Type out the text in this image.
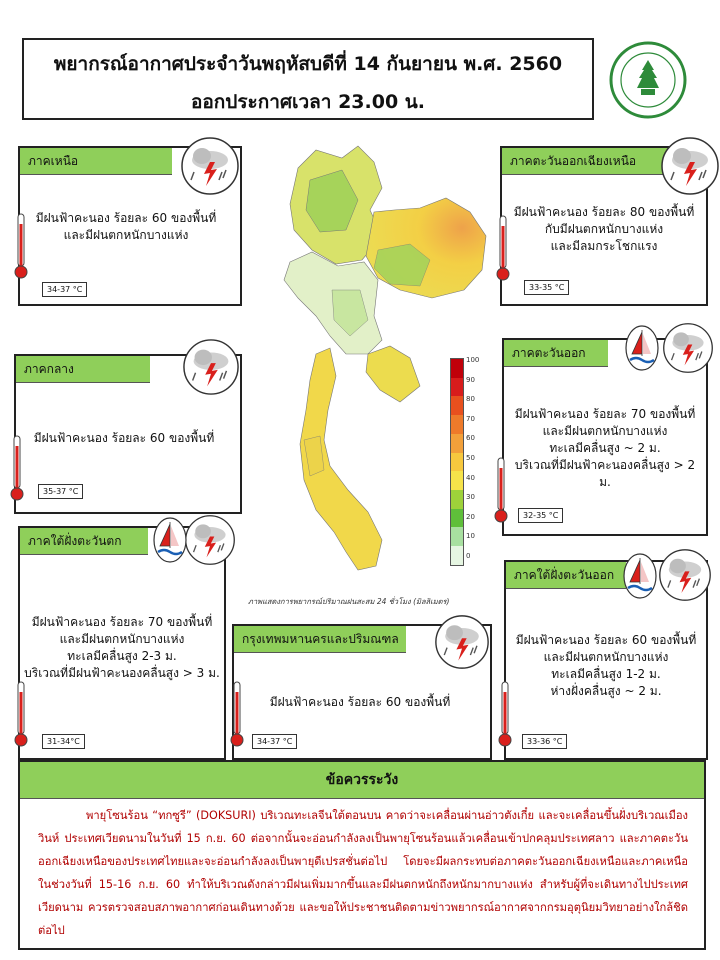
พยากรณ์อากาศประจำวันพฤหัสบดีที่ 14 กันยายน พ.ศ. 2560
ออกประกาศเวลา 23.00 น.
ภาพแสดงการพยากรณ์ปริมาณฝนสะสม 24 ชั่วโมง (มิลลิเมตร)
100
90
80
70
60
50
40
30
20
10
0
ภาคเหนือ
มีฝนฟ้าคะนอง ร้อยละ 60 ของพื้นที่
และมีฝนตกหนักบางแห่ง
34-37 °C
ภาคตะวันออกเฉียงเหนือ
มีฝนฟ้าคะนอง ร้อยละ 80 ของพื้นที่
กับมีฝนตกหนักบางแห่ง
และมีลมกระโชกแรง
33-35 °C
ภาคกลาง
มีฝนฟ้าคะนอง ร้อยละ 60 ของพื้นที่
35-37 °C
ภาคตะวันออก
มีฝนฟ้าคะนอง ร้อยละ 70 ของพื้นที่
และมีฝนตกหนักบางแห่ง
ทะเลมีคลื่นสูง ~ 2 ม.
บริเวณที่มีฝนฟ้าคะนองคลื่นสูง > 2 ม.
32-35 °C
ภาคใต้ฝั่งตะวันตก
มีฝนฟ้าคะนอง ร้อยละ 70 ของพื้นที่
และมีฝนตกหนักบางแห่ง
ทะเลมีคลื่นสูง 2-3 ม.
บริเวณที่มีฝนฟ้าคะนองคลื่นสูง > 3 ม.
31-34°C
กรุงเทพมหานครและปริมณฑล
มีฝนฟ้าคะนอง ร้อยละ 60 ของพื้นที่
34-37 °C
ภาคใต้ฝั่งตะวันออก
มีฝนฟ้าคะนอง ร้อยละ 60 ของพื้นที่
และมีฝนตกหนักบางแห่ง
ทะเลมีคลื่นสูง 1-2 ม.
ห่างฝั่งคลื่นสูง ~ 2 ม.
33-36 °C
ข้อควรระวัง
พายุโซนร้อน “ทกซูรี” (DOKSURI) บริเวณทะเลจีนใต้ตอนบน คาดว่าจะเคลื่อนผ่านอ่าวตังเกี๋ย และจะเคลื่อนขึ้นฝั่งบริเวณเมืองวินห์ ประเทศเวียดนามในวันที่ 15 ก.ย. 60 ต่อจากนั้นจะอ่อนกำลังลงเป็นพายุโซนร้อนแล้วเคลื่อนเข้าปกคลุมประเทศลาว และภาคตะวันออกเฉียงเหนือของประเทศไทยและจะอ่อนกำลังลงเป็นพายุดีเปรสชั่นต่อไป โดยจะมีผลกระทบต่อภาคตะวันออกเฉียงเหนือและภาคเหนือในช่วงวันที่ 15-16 ก.ย. 60 ทำให้บริเวณดังกล่าวมีฝนเพิ่มมากขึ้นและมีฝนตกหนักถึงหนักมากบางแห่ง สำหรับผู้ที่จะเดินทางไปประเทศเวียดนาม ควรตรวจสอบสภาพอากาศก่อนเดินทางด้วย และขอให้ประชาชนติดตามข่าวพยากรณ์อากาศจากกรมอุตุนิยมวิทยาอย่างใกล้ชิดต่อไป
